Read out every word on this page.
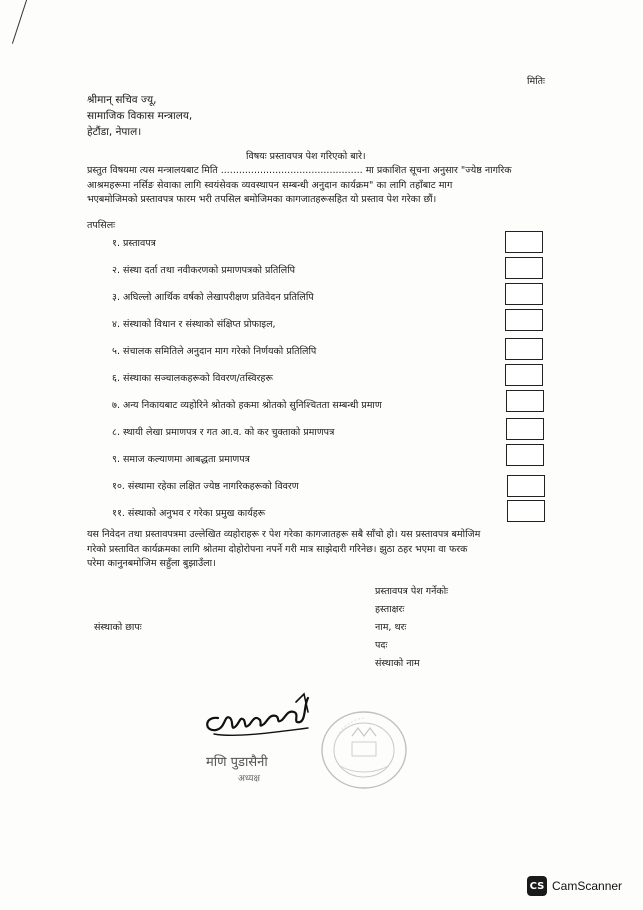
मितिः
श्रीमान् सचिव ज्यू,
सामाजिक विकास मन्त्रालय,
हेटौंडा, नेपाल।
विषयः प्रस्तावपत्र पेश गरिएको बारे।
प्रस्तुत विषयमा त्यस मन्त्रालयबाट मिति ............................................... मा प्रकाशित सूचना अनुसार "ज्येष्ठ नागरिक
आश्रमहरूमा नर्सिङ सेवाका लागि स्वयंसेवक व्यवस्थापन सम्बन्धी अनुदान कार्यक्रम" का लागि तहाँबाट माग
भएबमोजिमको प्रस्तावपत्र फारम भरी तपसिल बमोजिमका कागजातहरूसहित यो प्रस्ताव पेश गरेका छौं।
तपसिलः
१. प्रस्तावपत्र
२. संस्था दर्ता तथा नवीकरणको प्रमाणपत्रको प्रतिलिपि
३. अघिल्लो आर्थिक वर्षको लेखापरीक्षण प्रतिवेदन प्रतिलिपि
४. संस्थाको विधान र संस्थाको संक्षिप्त प्रोफाइल,
५. संचालक समितिले अनुदान माग गरेको निर्णयको प्रतिलिपि
६. संस्थाका सञ्चालकहरूको विवरण/तस्विरहरू
७. अन्य निकायबाट व्यहोरिने श्रोतको हकमा श्रोतको सुनिश्चितता सम्बन्धी प्रमाण
८. स्थायी लेखा प्रमाणपत्र र गत आ.व. को कर चुक्ताको प्रमाणपत्र
९. समाज कल्याणमा आबद्धता प्रमाणपत्र
१०. संस्थामा रहेका लक्षित ज्येष्ठ नागरिकहरूको विवरण
११. संस्थाको अनुभव र गरेका प्रमुख कार्यहरू
यस निवेदन तथा प्रस्तावपत्रमा उल्लेखित व्यहोराहरू र पेश गरेका कागजातहरू सबै साँचो हो। यस प्रस्तावपत्र बमोजिम
गरेको प्रस्तावित कार्यक्रमका लागि श्रोतमा दोहोरोपना नपर्ने गरी मात्र साझेदारी गरिनेछ। झुठा ठहर भएमा वा फरक
परेमा कानुनबमोजिम सहुँला बुझाउँला।
प्रस्तावपत्र पेश गर्नेकोः
हस्ताक्षरः
नाम, थरः
पदः
संस्थाको नाम
संस्थाको छापः
मणि पुडासैनी
अध्यक्ष
CS CamScanner
